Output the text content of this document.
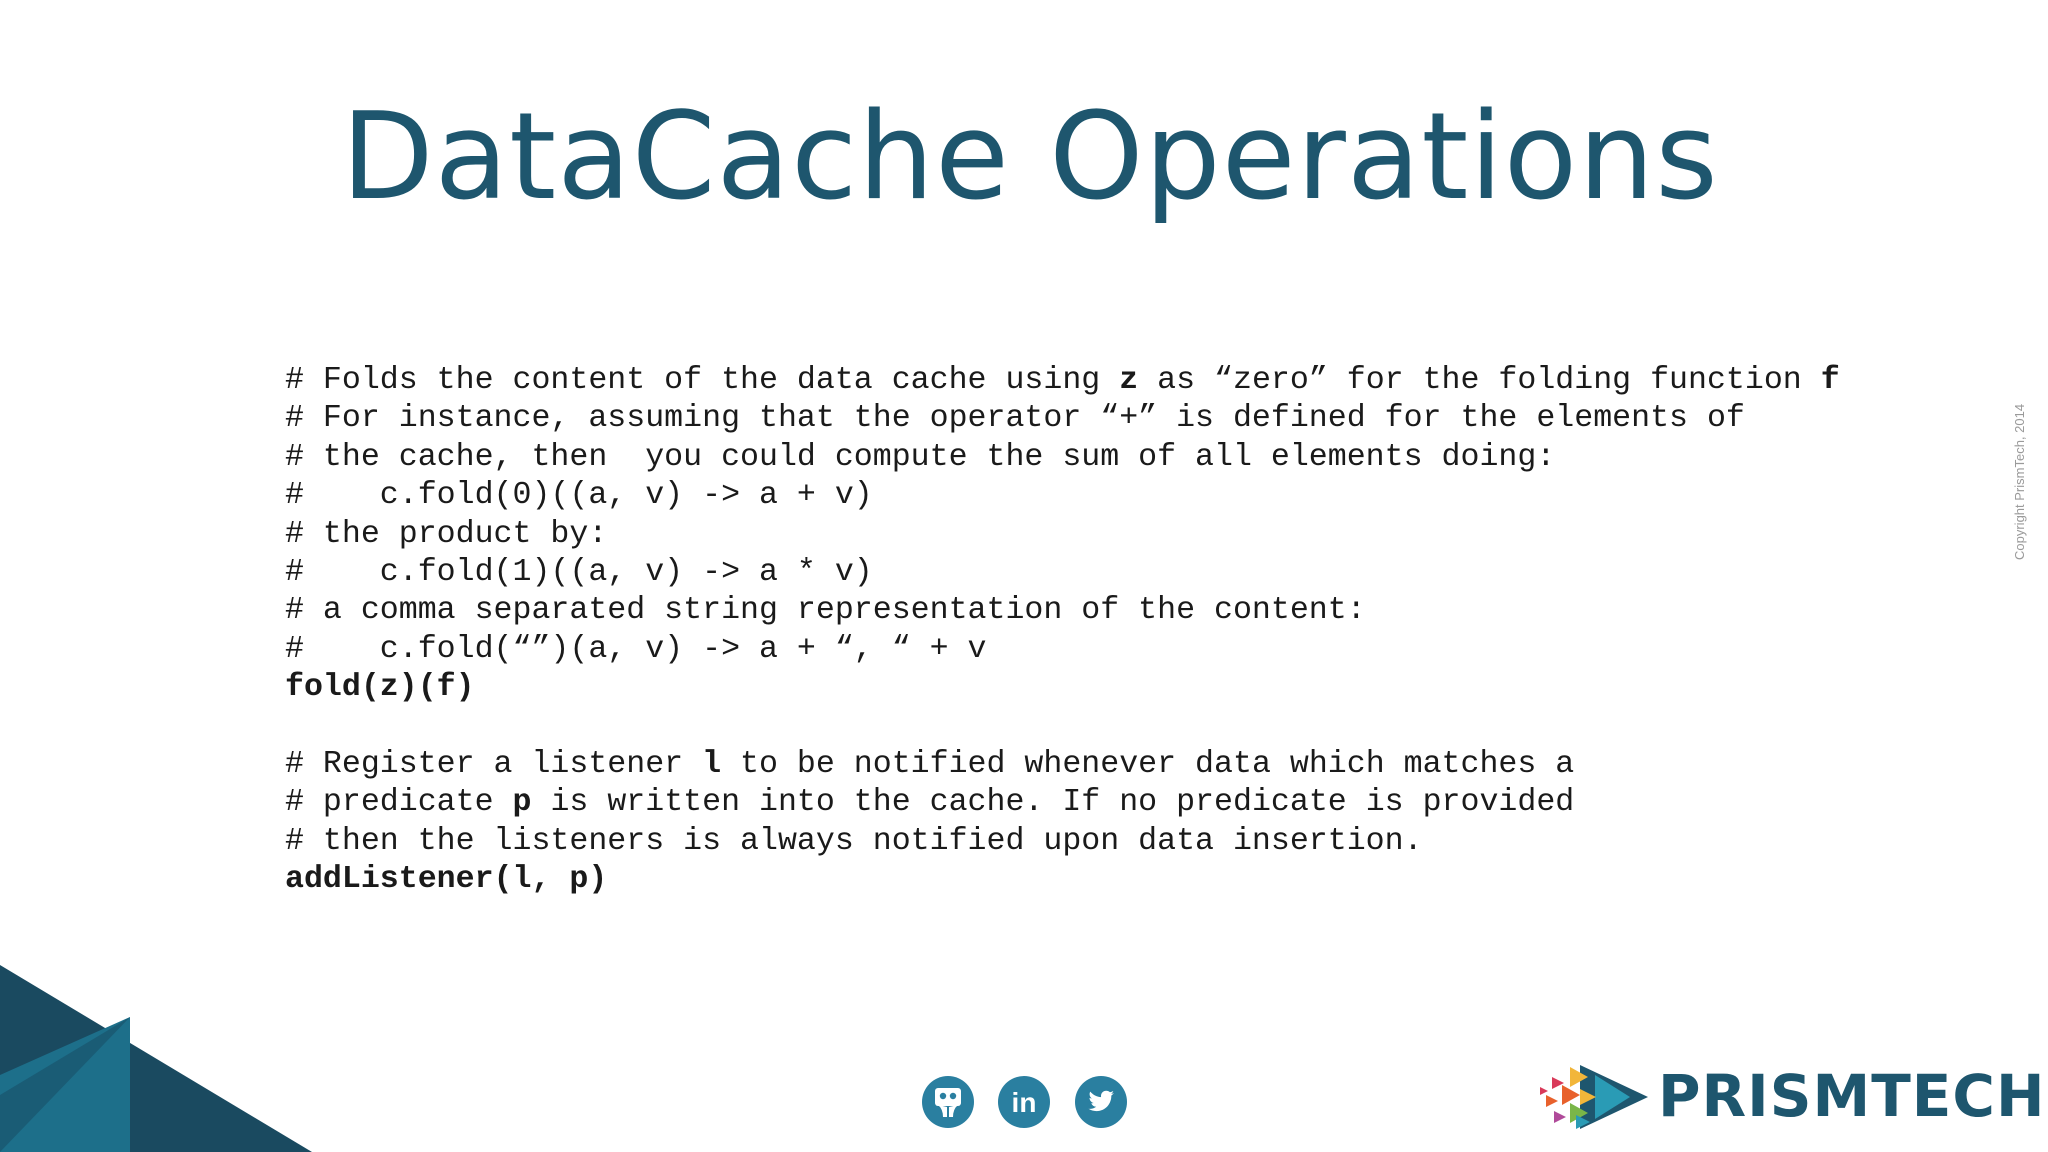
DataCache Operations
# Folds the content of the data cache using z as “zero” for the folding function f
# For instance, assuming that the operator “+” is defined for the elements of
# the cache, then  you could compute the sum of all elements doing:
#    c.fold(0)((a, v) -> a + v)
# the product by:
#    c.fold(1)((a, v) -> a * v)
# a comma separated string representation of the content:
#    c.fold(“”)(a, v) -> a + “, “ + v
fold(z)(f)
# Register a listener l to be notified whenever data which matches a
# predicate p is written into the cache. If no predicate is provided
# then the listeners is always notified upon data insertion.
addListener(l, p)
Copyright PrismTech, 2014
in	PRISMTECH
